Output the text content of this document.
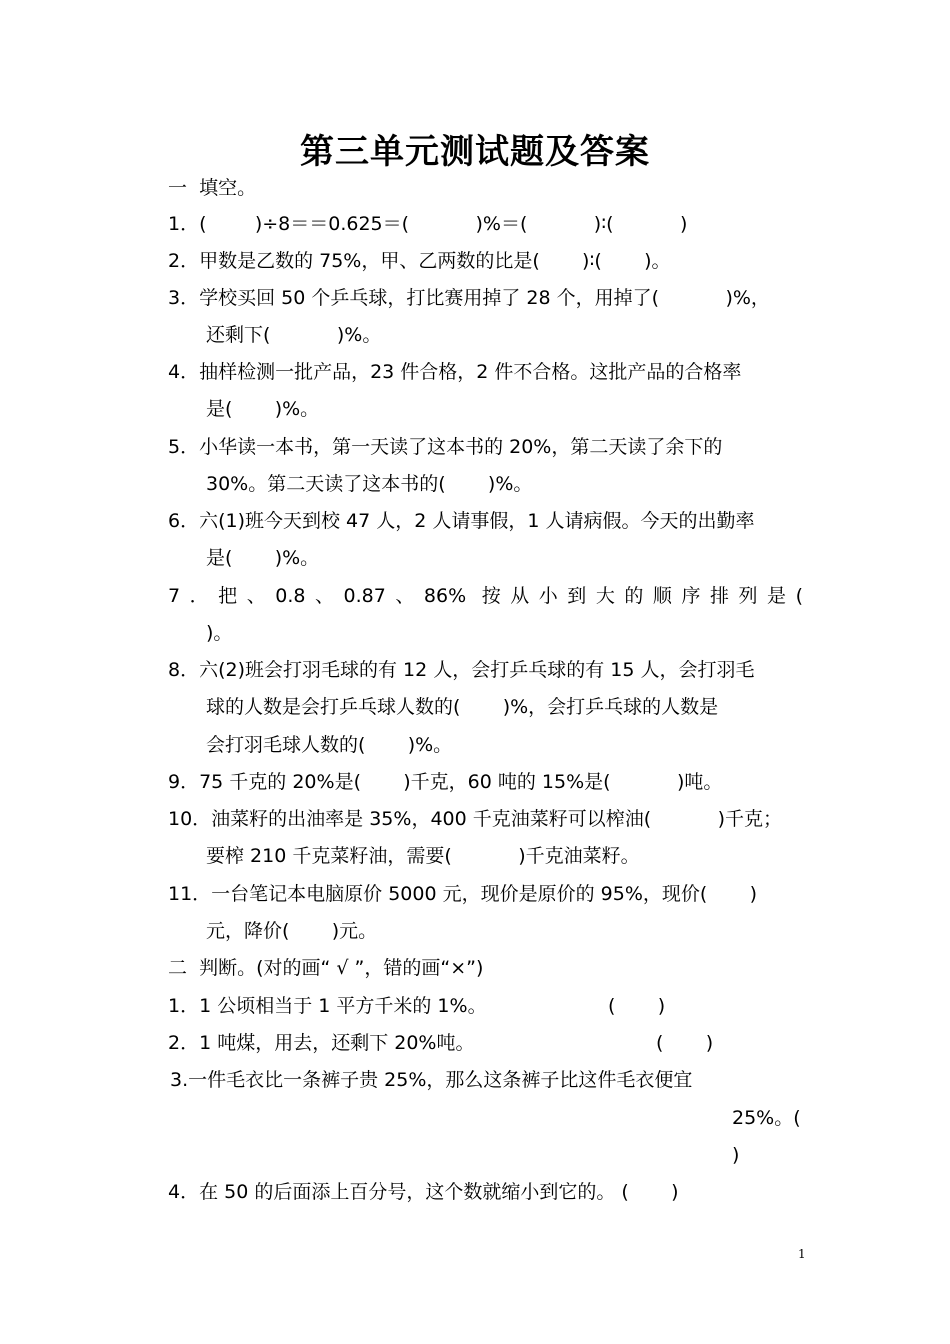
第三单元测试题及答案
一  填空。
1．(        )÷8＝＝0.625＝(           )%＝(           )∶(           )
2．甲数是乙数的 75%，甲、乙两数的比是(       )∶(       )。
3．学校买回 50 个乒乓球，打比赛用掉了 28 个，用掉了(           )%，
还剩下(           )%。
4．抽样检测一批产品，23 件合格，2 件不合格。这批产品的合格率
是(       )%。
5．小华读一本书，第一天读了这本书的 20%，第二天读了余下的
30%。第二天读了这本书的(       )%。
6．六(1)班今天到校 47 人，2 人请事假，1 人请病假。今天的出勤率
是(       )%。
7．把、0.8、0.87、86% 按从小到大的顺序排列是(
)。
8．六(2)班会打羽毛球的有 12 人，会打乒乓球的有 15 人，会打羽毛
球的人数是会打乒乓球人数的(       )%，会打乒乓球的人数是
会打羽毛球人数的(       )%。
9．75 千克的 20%是(       )千克，60 吨的 15%是(           )吨。
10．油菜籽的出油率是 35%，400 千克油菜籽可以榨油(           )千克；
要榨 210 千克菜籽油，需要(           )千克油菜籽。
11．一台笔记本电脑原价 5000 元，现价是原价的 95%，现价(       )
元，降价(       )元。
二  判断。(对的画“ √ ”，错的画“×”)
1．1 公顷相当于 1 平方千米的 1%。	(       )
2．1 吨煤，用去，还剩下 20%吨。	(       )
3.一件毛衣比一条裤子贵 25%，那么这条裤子比这件毛衣便宜
25%。(
)
4．在 50 的后面添上百分号，这个数就缩小到它的。 (       )
1
